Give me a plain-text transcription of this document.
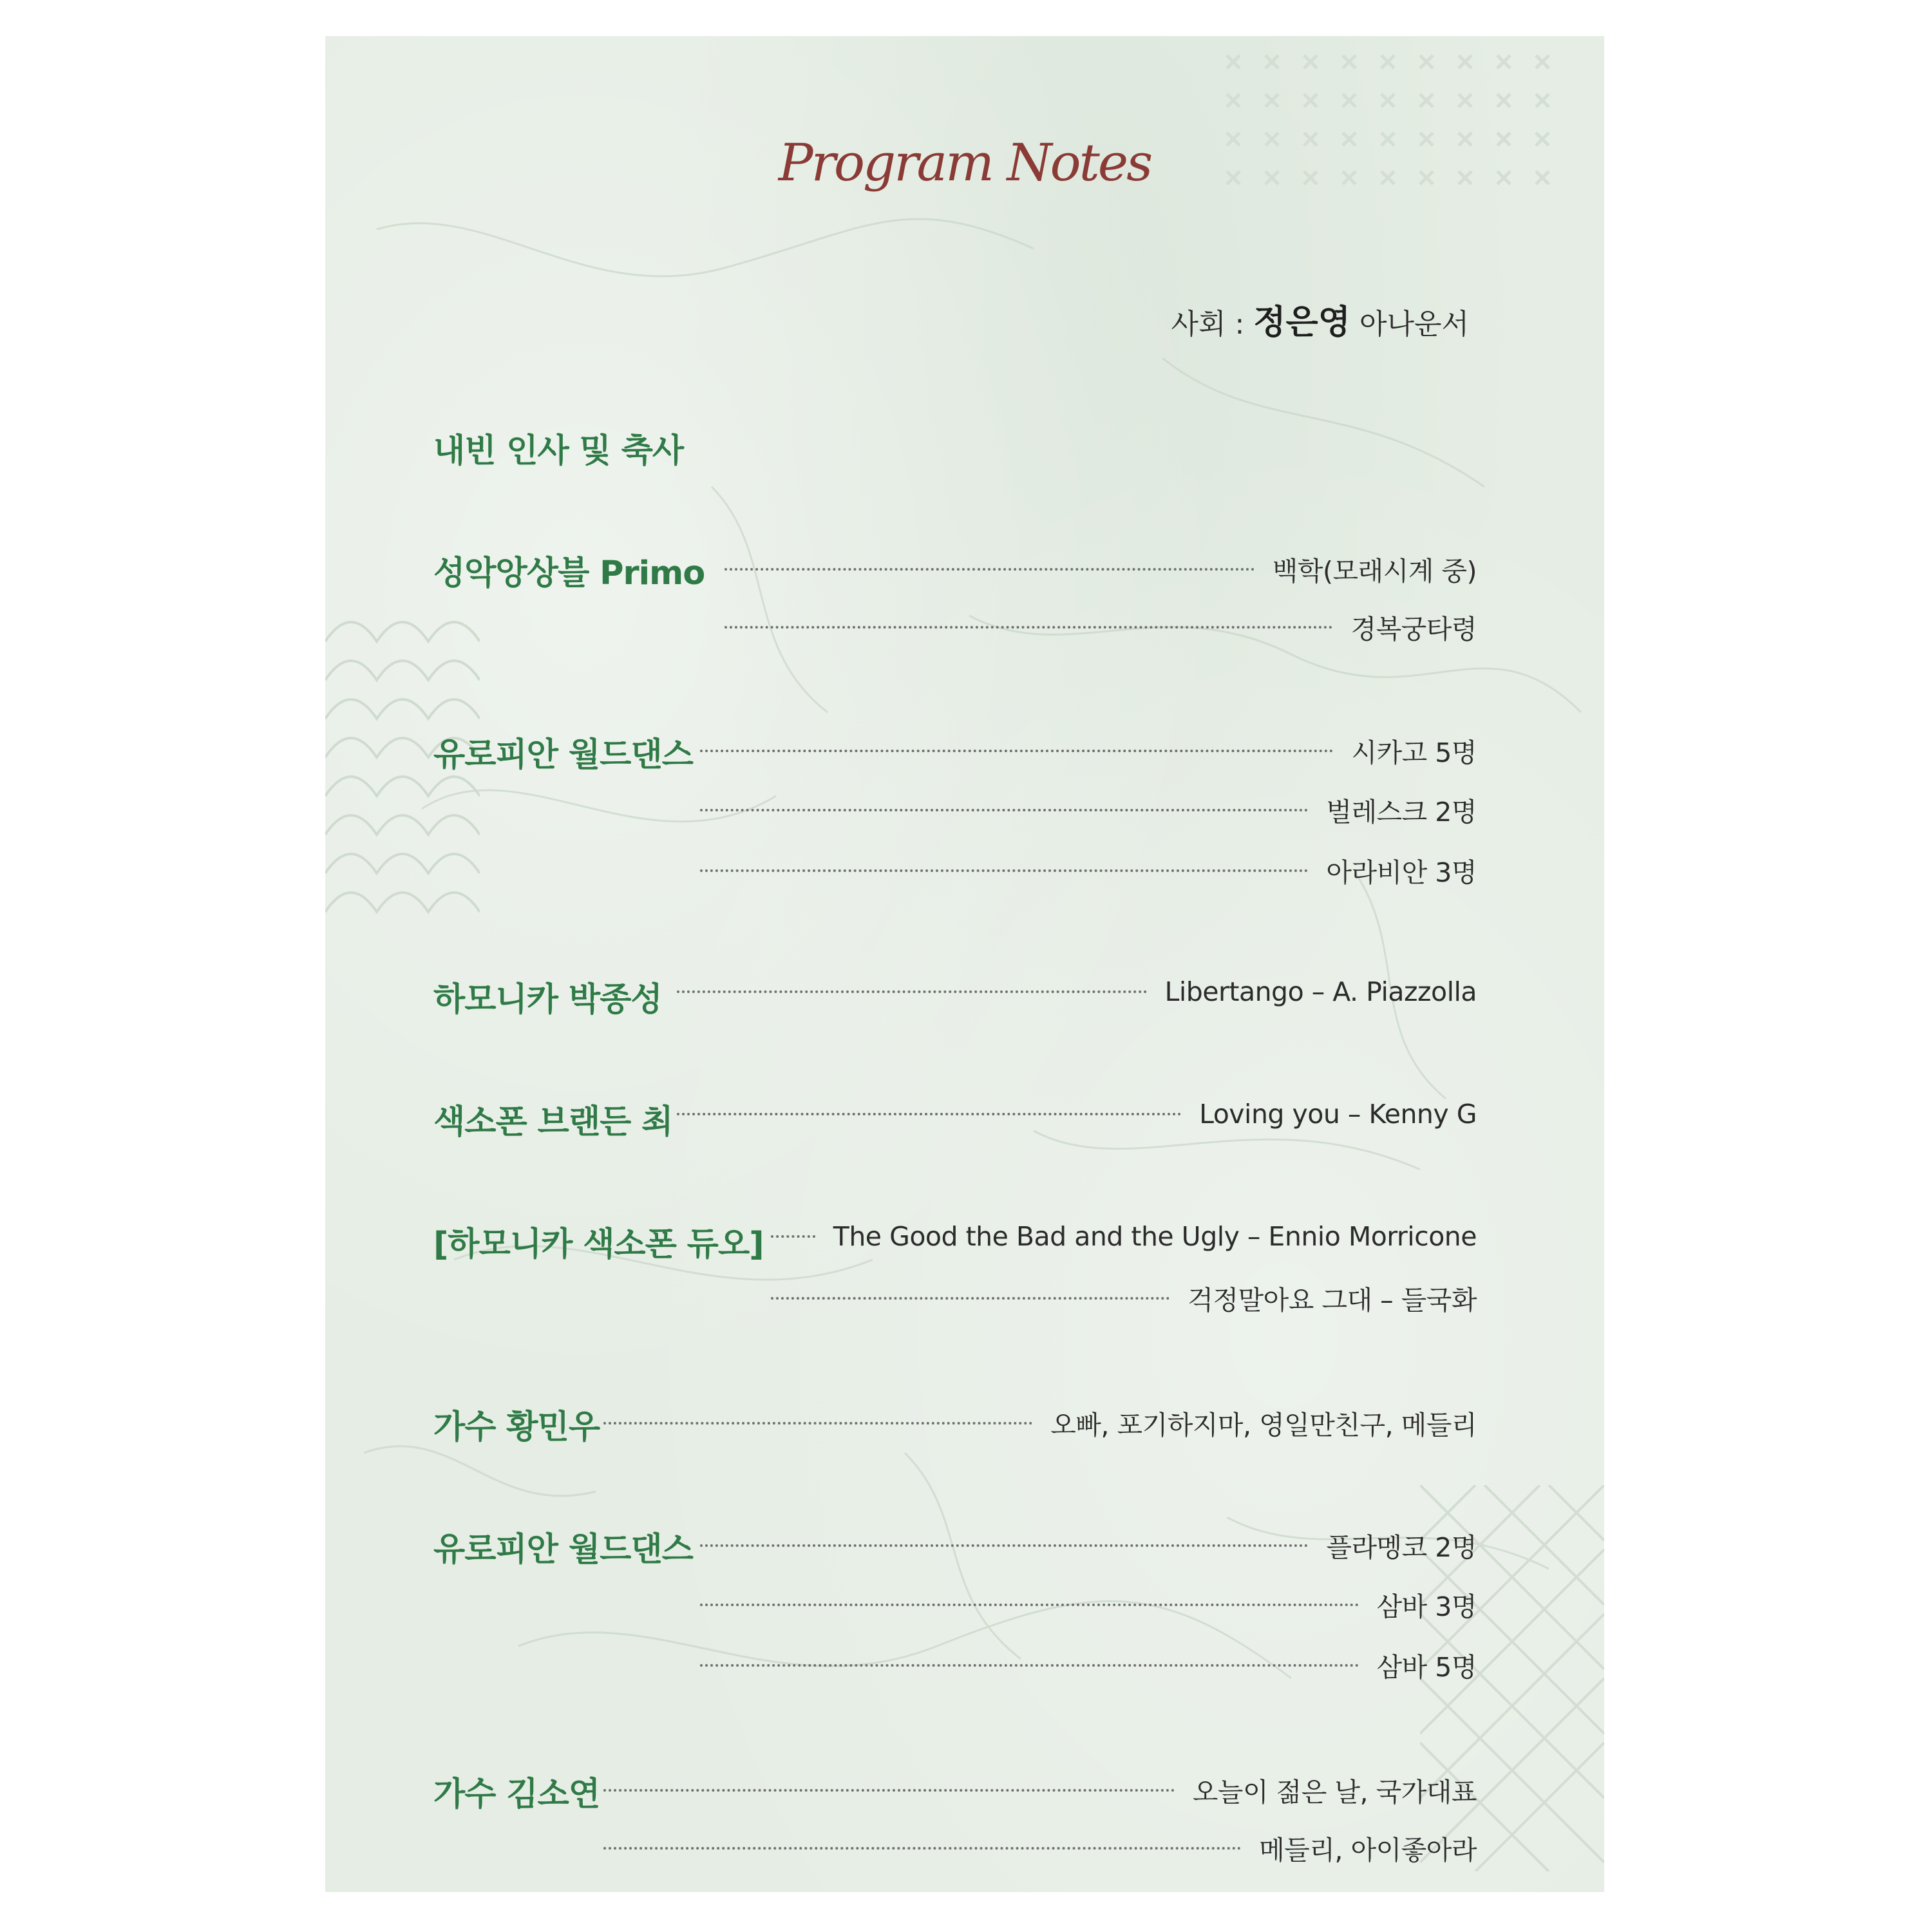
Program Notes
사회 : 정은영 아나운서
내빈 인사 및 축사
성악앙상블 Primo	백학(모래시계 중)
경복궁타령
유로피안 월드댄스	시카고 5명
벌레스크 2명
아라비안 3명
하모니카 박종성	Libertango – A. Piazzolla
색소폰 브랜든 최	Loving you – Kenny G
[하모니카 색소폰 듀오]	The Good the Bad and the Ugly – Ennio Morricone
걱정말아요 그대 – 들국화
가수 황민우	오빠, 포기하지마, 영일만친구, 메들리
유로피안 월드댄스	플라멩코 2명
삼바 3명
삼바 5명
가수 김소연	오늘이 젊은 날, 국가대표
메들리, 아이좋아라
